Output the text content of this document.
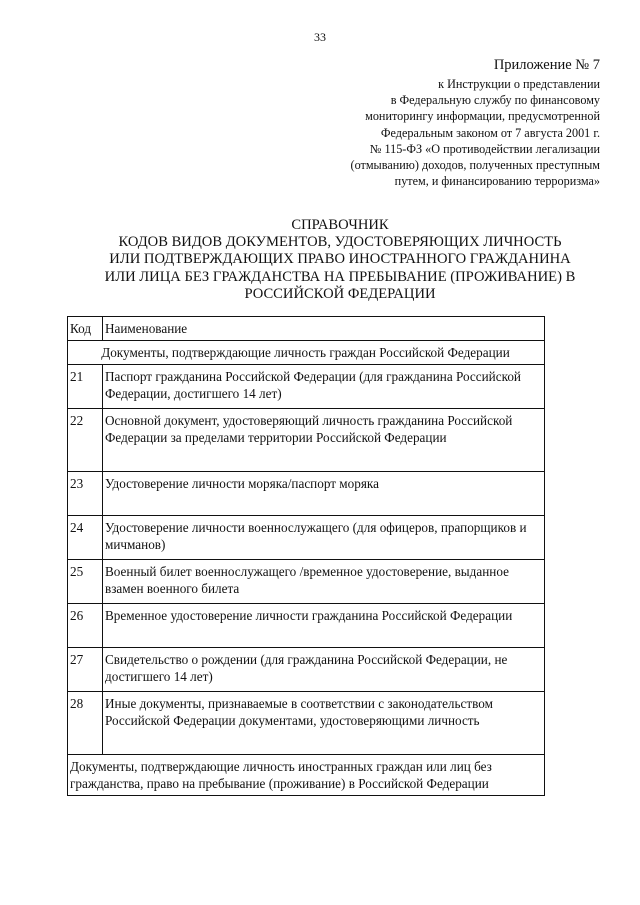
33
Приложение № 7
к Инструкции о представлении
в Федеральную службу по финансовому
мониторингу информации, предусмотренной
Федеральным законом от 7 августа 2001 г.
№ 115-ФЗ «О противодействии легализации
(отмыванию) доходов, полученных преступным
путем, и финансированию терроризма»
СПРАВОЧНИК
КОДОВ ВИДОВ ДОКУМЕНТОВ, УДОСТОВЕРЯЮЩИХ ЛИЧНОСТЬ
ИЛИ ПОДТВЕРЖДАЮЩИХ ПРАВО ИНОСТРАННОГО ГРАЖДАНИНА
ИЛИ ЛИЦА БЕЗ ГРАЖДАНСТВА НА ПРЕБЫВАНИЕ (ПРОЖИВАНИЕ) В
РОССИЙСКОЙ ФЕДЕРАЦИИ
Код	Наименование
Документы, подтверждающие личность граждан Российской Федерации	
21	Паспорт гражданина Российской Федерации (для гражданина Российской Федерации, достигшего 14 лет)
22	Основной документ, удостоверяющий личность гражданина Российской Федерации за пределами территории Российской Федерации
23	Удостоверение личности моряка/паспорт моряка
24	Удостоверение личности военнослужащего (для офицеров, прапорщиков и мичманов)
25	Военный билет военнослужащего /временное удостоверение, выданное взамен военного билета
26	Временное удостоверение личности гражданина Российской Федерации
27	Свидетельство о рождении (для гражданина Российской Федерации, не достигшего 14 лет)
28	Иные документы, признаваемые в соответствии с законодательством Российской Федерации документами, удостоверяющими личность
Документы, подтверждающие личность иностранных граждан или лиц без гражданства, право на пребывание (проживание) в Российской Федерации	
